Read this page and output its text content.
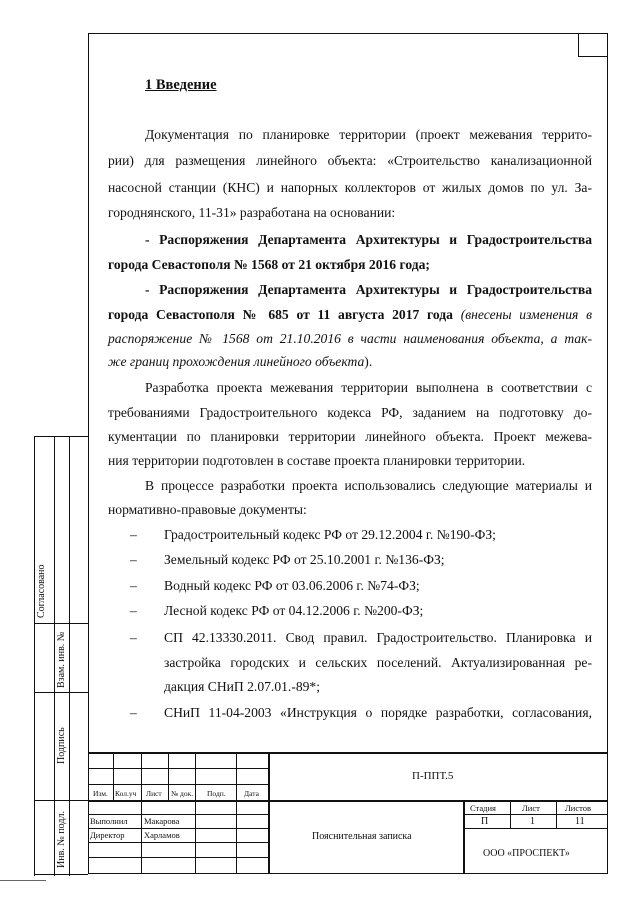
Согласовано
Взам. инв. №
Подпись
Инв. № подл.
1 Введение
Документация по планировке территории (проект межевания террито-
рии) для размещения линейного объекта: «Строительство канализационной
насосной станции (КНС) и напорных коллекторов от жилых домов по ул. За-
городнянского, 11-31» разработана на основании:
- Распоряжения Департамента Архитектуры и Градостроительства
города Севастополя № 1568 от 21 октября 2016 года;
- Распоряжения Департамента Архитектуры и Градостроительства
города Севастополя № 685 от 11 августа 2017 года (внесены изменения в
распоряжение № 1568 от 21.10.2016 в части наименования объекта, а так-
же границ прохождения линейного объекта).
Разработка проекта межевания территории выполнена в соответствии с
требованиями Градостроительного кодекса РФ, заданием на подготовку до-
кументации по планировки территории линейного объекта. Проект межева-
ния территории подготовлен в составе проекта планировки территории.
В процессе разработки проекта использовались следующие материалы и
нормативно-правовые документы:
– Градостроительный кодекс РФ от 29.12.2004 г. №190-ФЗ;
– Земельный кодекс РФ от 25.10.2001 г. №136-ФЗ;
– Водный кодекс РФ от 03.06.2006 г. №74-ФЗ;
– Лесной кодекс РФ от 04.12.2006 г. №200-ФЗ;
– СП 42.13330.2011. Свод правил. Градостроительство. Планировка и
застройка городских и сельских поселений. Актуализированная ре-
дакция СНиП 2.07.01.-89*;
– СНиП 11-04-2003 «Инструкция о порядке разработки, согласования,
П-ППТ.5
Изм. Кол.уч Лист № док. Подп. Дата
Выполнил Макарова
Директор Харламов	Пояснительная записка
Стадия	Лист	Листов
П	1	11
ООО «ПРОСПЕКТ»
